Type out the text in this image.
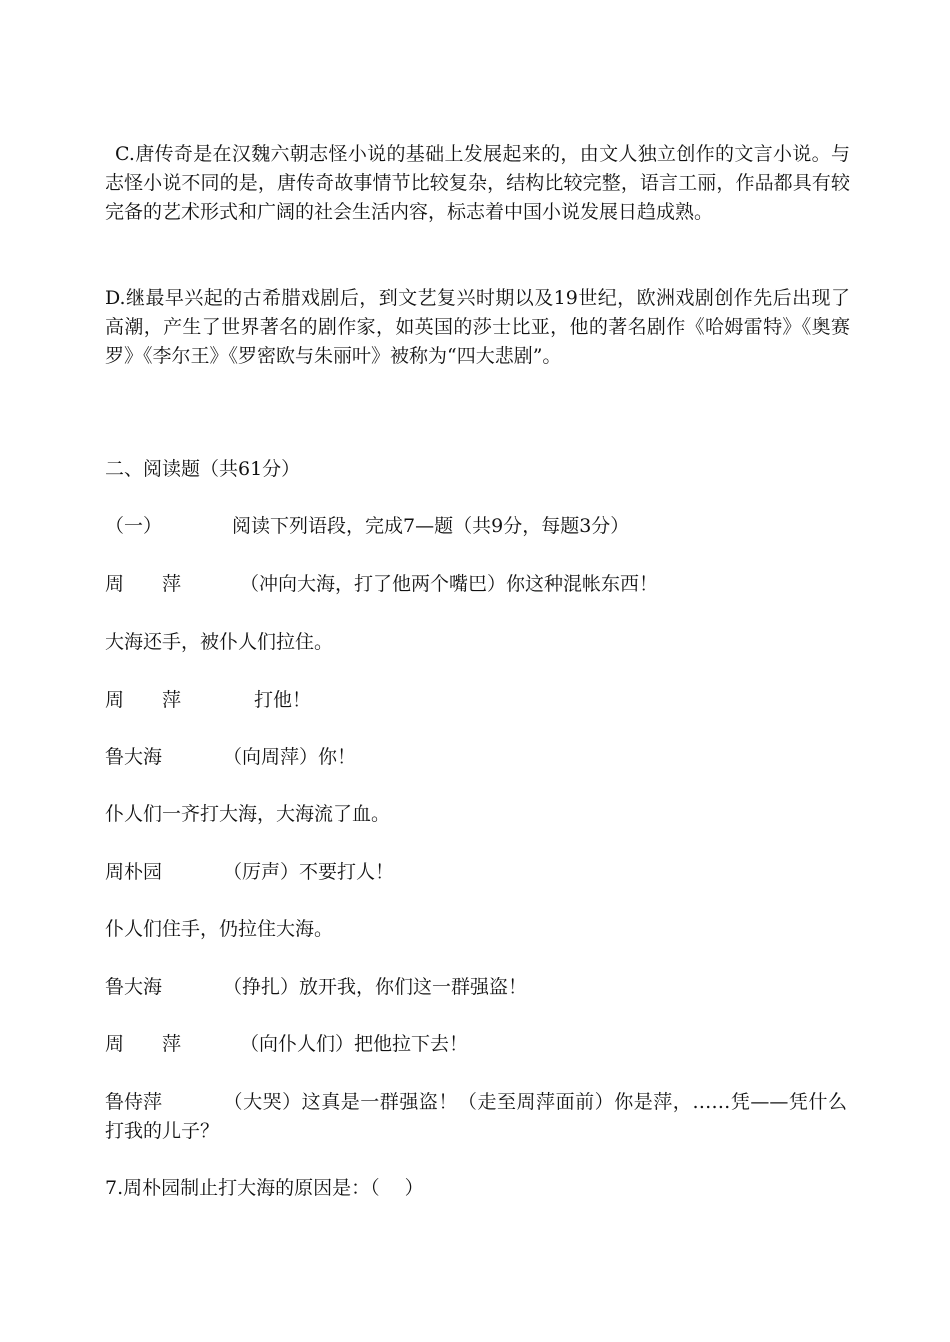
C.唐传奇是在汉魏六朝志怪小说的基础上发展起来的，由文人独立创作的文言小说。与志怪小说不同的是，唐传奇故事情节比较复杂，结构比较完整，语言工丽，作品都具有较完备的艺术形式和广阔的社会生活内容，标志着中国小说发展日趋成熟。

D.继最早兴起的古希腊戏剧后，到文艺复兴时期以及19世纪，欧洲戏剧创作先后出现了高潮，产生了世界著名的剧作家，如英国的莎士比亚，他的著名剧作《哈姆雷特》《奥赛罗》《李尔王》《罗密欧与朱丽叶》被称为“四大悲剧”。

二、阅读题（共61分）

（一）	阅读下列语段，完成7—题（共9分，每题3分）

周　　萍	（冲向大海，打了他两个嘴巴）你这种混帐东西！

大海还手，被仆人们拉住。

周　　萍	　打他！

鲁大海	（向周萍）你！

仆人们一齐打大海，大海流了血。

周朴园	（厉声）不要打人！

仆人们住手，仍拉住大海。

鲁大海	（挣扎）放开我，你们这一群强盗！

周　　萍	（向仆人们）把他拉下去！

鲁侍萍	（大哭）这真是一群强盗！（走至周萍面前）你是萍，……凭——凭什么打我的儿子？

7.周朴园制止打大海的原因是：（　 ）
